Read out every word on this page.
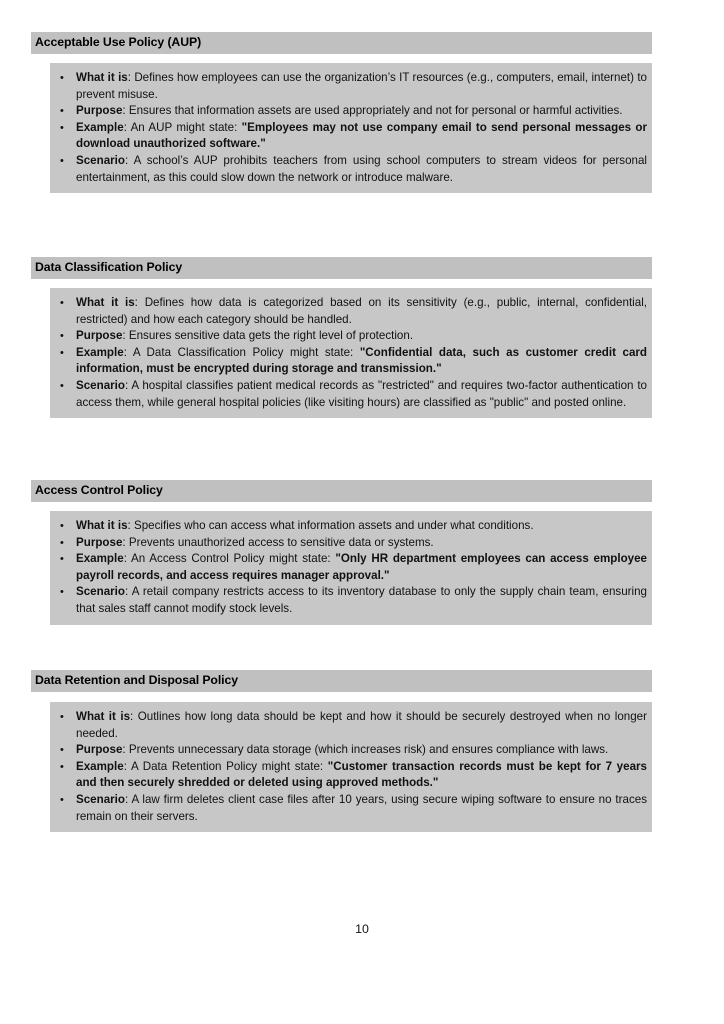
Acceptable Use Policy (AUP)
• What it is: Defines how employees can use the organization’s IT resources (e.g., computers, email, internet) to prevent misuse.
• Purpose: Ensures that information assets are used appropriately and not for personal or harmful activities.
• Example: An AUP might state: "Employees may not use company email to send personal messages or download unauthorized software."
• Scenario: A school’s AUP prohibits teachers from using school computers to stream videos for personal entertainment, as this could slow down the network or introduce malware.
Data Classification Policy
• What it is: Defines how data is categorized based on its sensitivity (e.g., public, internal, confidential, restricted) and how each category should be handled.
• Purpose: Ensures sensitive data gets the right level of protection.
• Example: A Data Classification Policy might state: "Confidential data, such as customer credit card information, must be encrypted during storage and transmission."
• Scenario: A hospital classifies patient medical records as "restricted" and requires two-factor authentication to access them, while general hospital policies (like visiting hours) are classified as "public" and posted online.
Access Control Policy
• What it is: Specifies who can access what information assets and under what conditions.
• Purpose: Prevents unauthorized access to sensitive data or systems.
• Example: An Access Control Policy might state: "Only HR department employees can access employee payroll records, and access requires manager approval."
• Scenario: A retail company restricts access to its inventory database to only the supply chain team, ensuring that sales staff cannot modify stock levels.
Data Retention and Disposal Policy
• What it is: Outlines how long data should be kept and how it should be securely destroyed when no longer needed.
• Purpose: Prevents unnecessary data storage (which increases risk) and ensures compliance with laws.
• Example: A Data Retention Policy might state: "Customer transaction records must be kept for 7 years and then securely shredded or deleted using approved methods."
• Scenario: A law firm deletes client case files after 10 years, using secure wiping software to ensure no traces remain on their servers.
10
